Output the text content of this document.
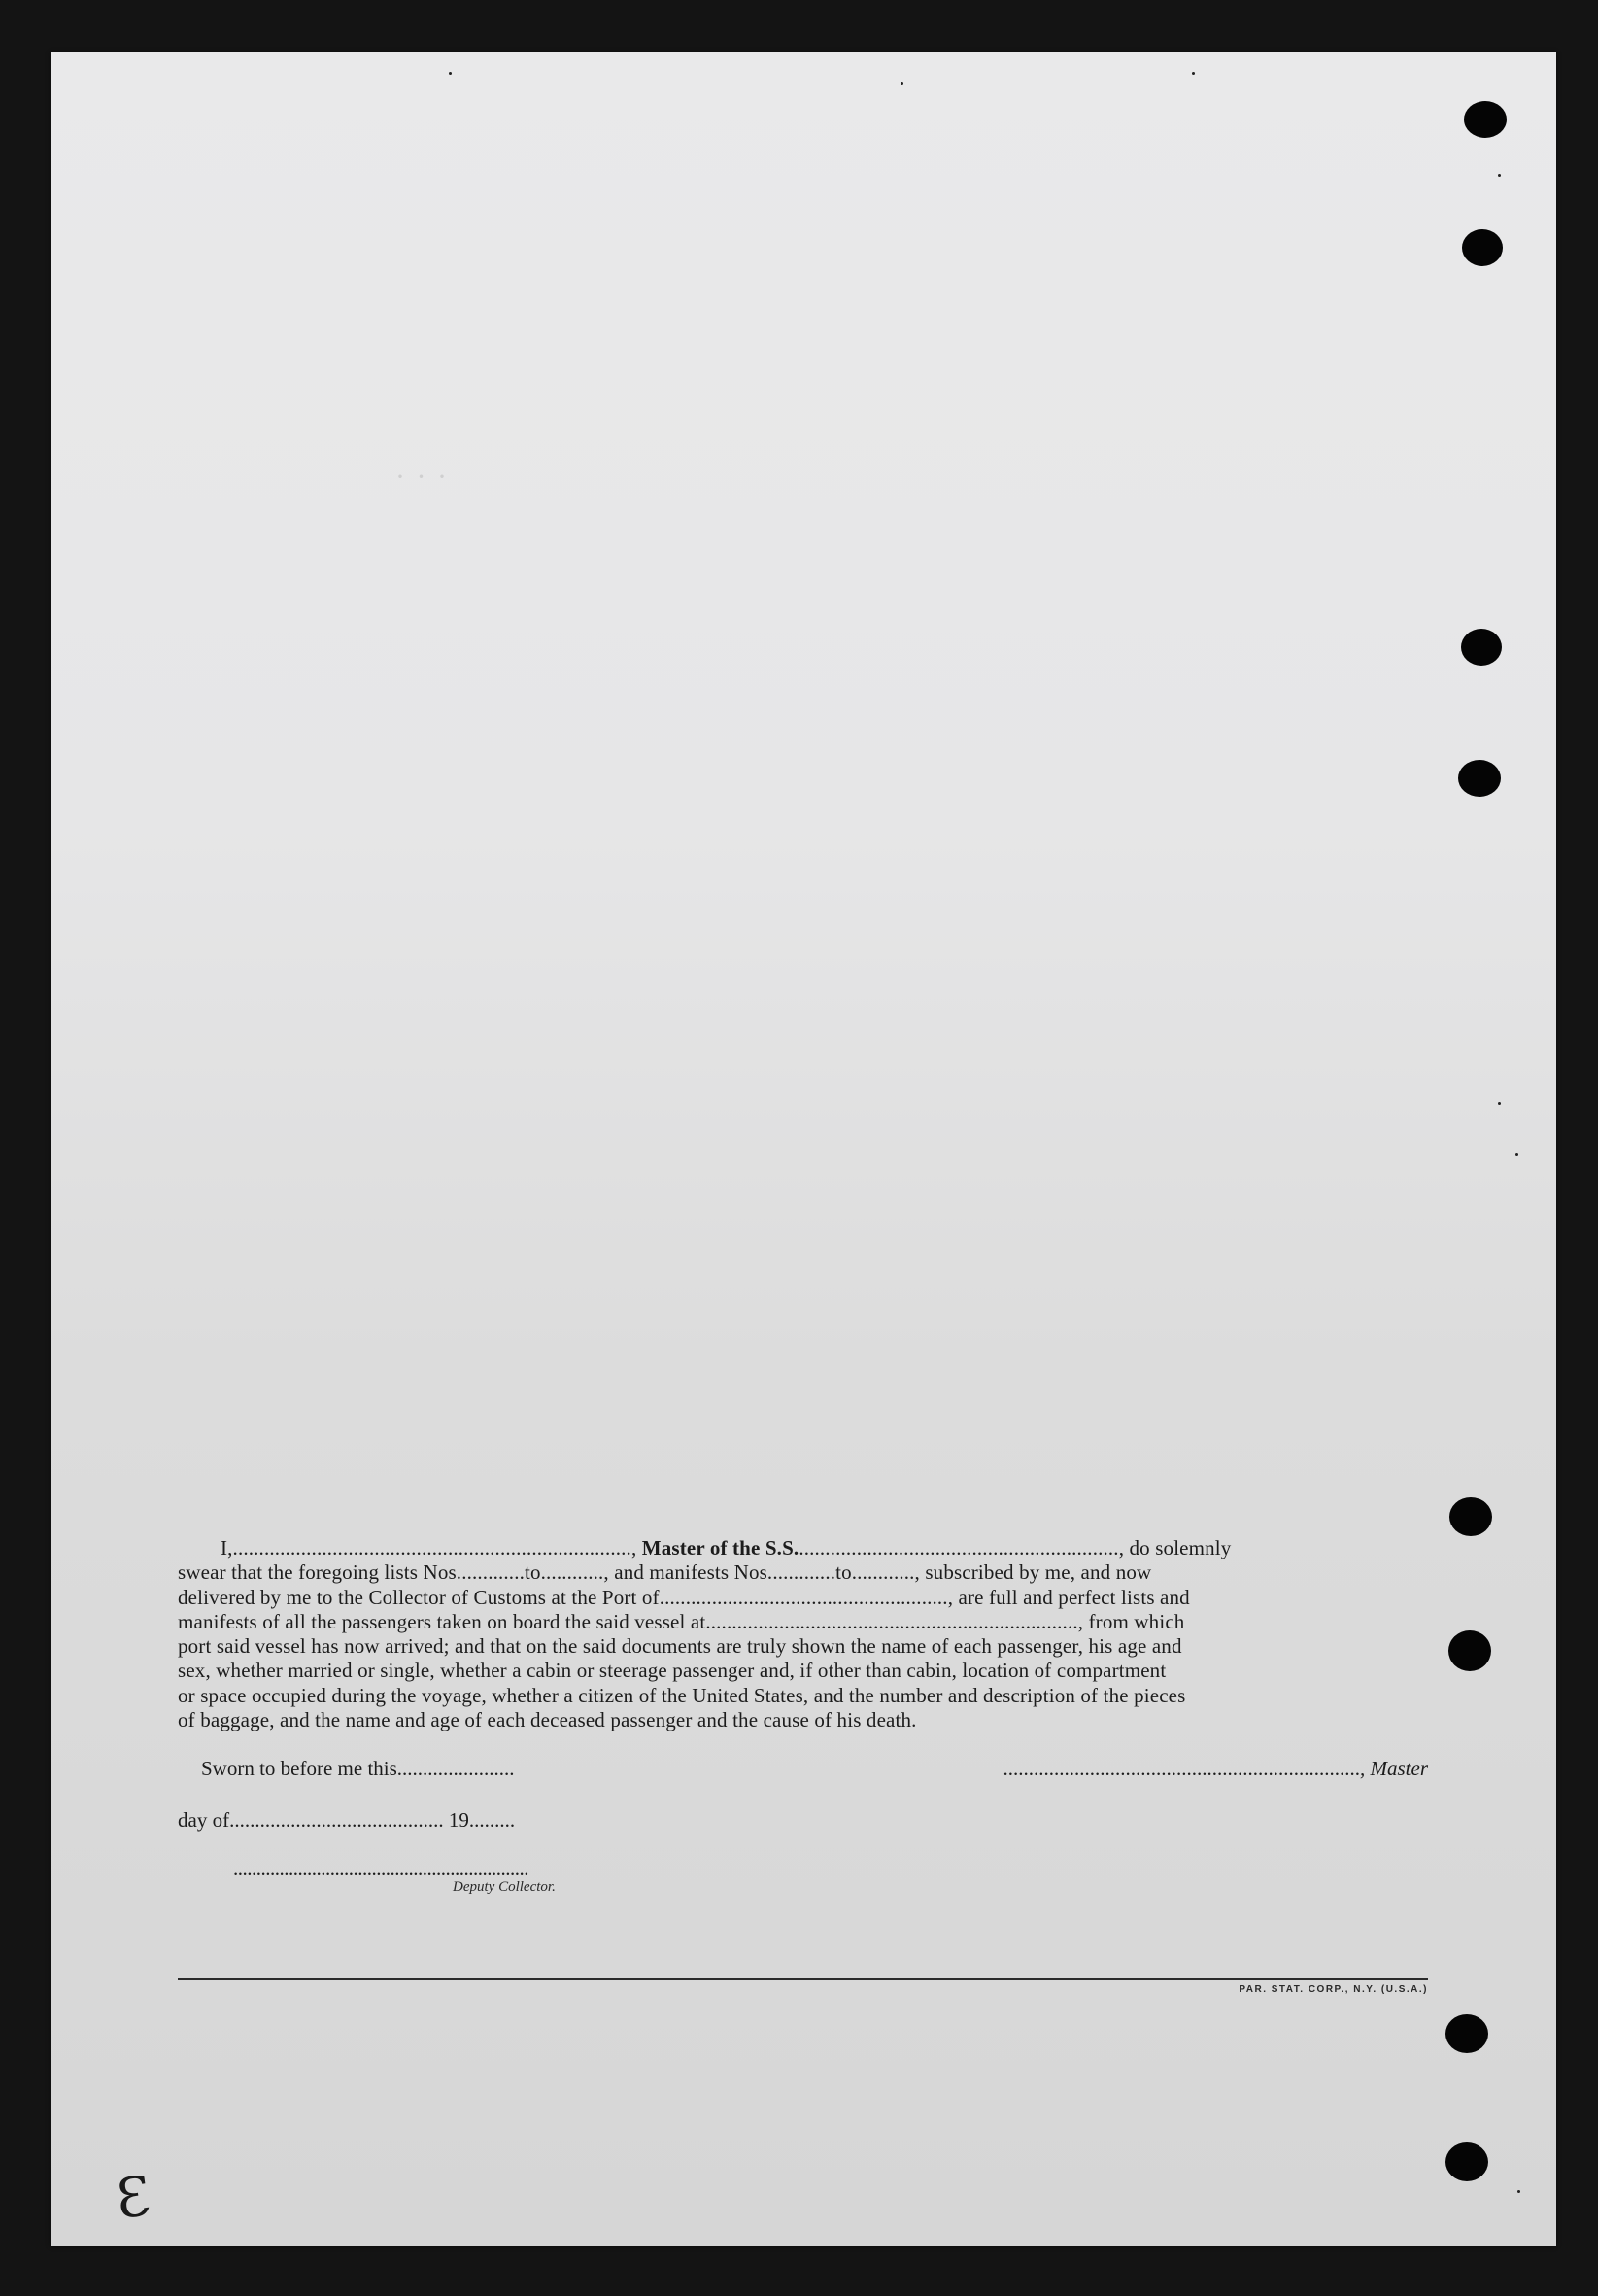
· · ·

I,............................................................................, Master of the S.S.............................................................., do solemnly

swear that the foregoing lists Nos.............to............, and manifests Nos.............to............, subscribed by me, and now
delivered by me to the Collector of Customs at the Port of......................................................., are full and perfect lists and
manifests of all the passengers taken on board the said vessel at......................................................................., from which
port said vessel has now arrived; and that on the said documents are truly shown the name of each passenger, his age and
sex, whether married or single, whether a cabin or steerage passenger and, if other than cabin, location of compartment
or space occupied during the voyage, whether a citizen of the United States, and the number and description of the pieces
of baggage, and the name and age of each deceased passenger and the cause of his death.
Sworn to before me this.......................	......................................................................, Master
day of.......................................... 19.........
................................................................
Deputy Collector.
PAR. STAT. CORP., N.Y. (U.S.A.)
Ɛ
